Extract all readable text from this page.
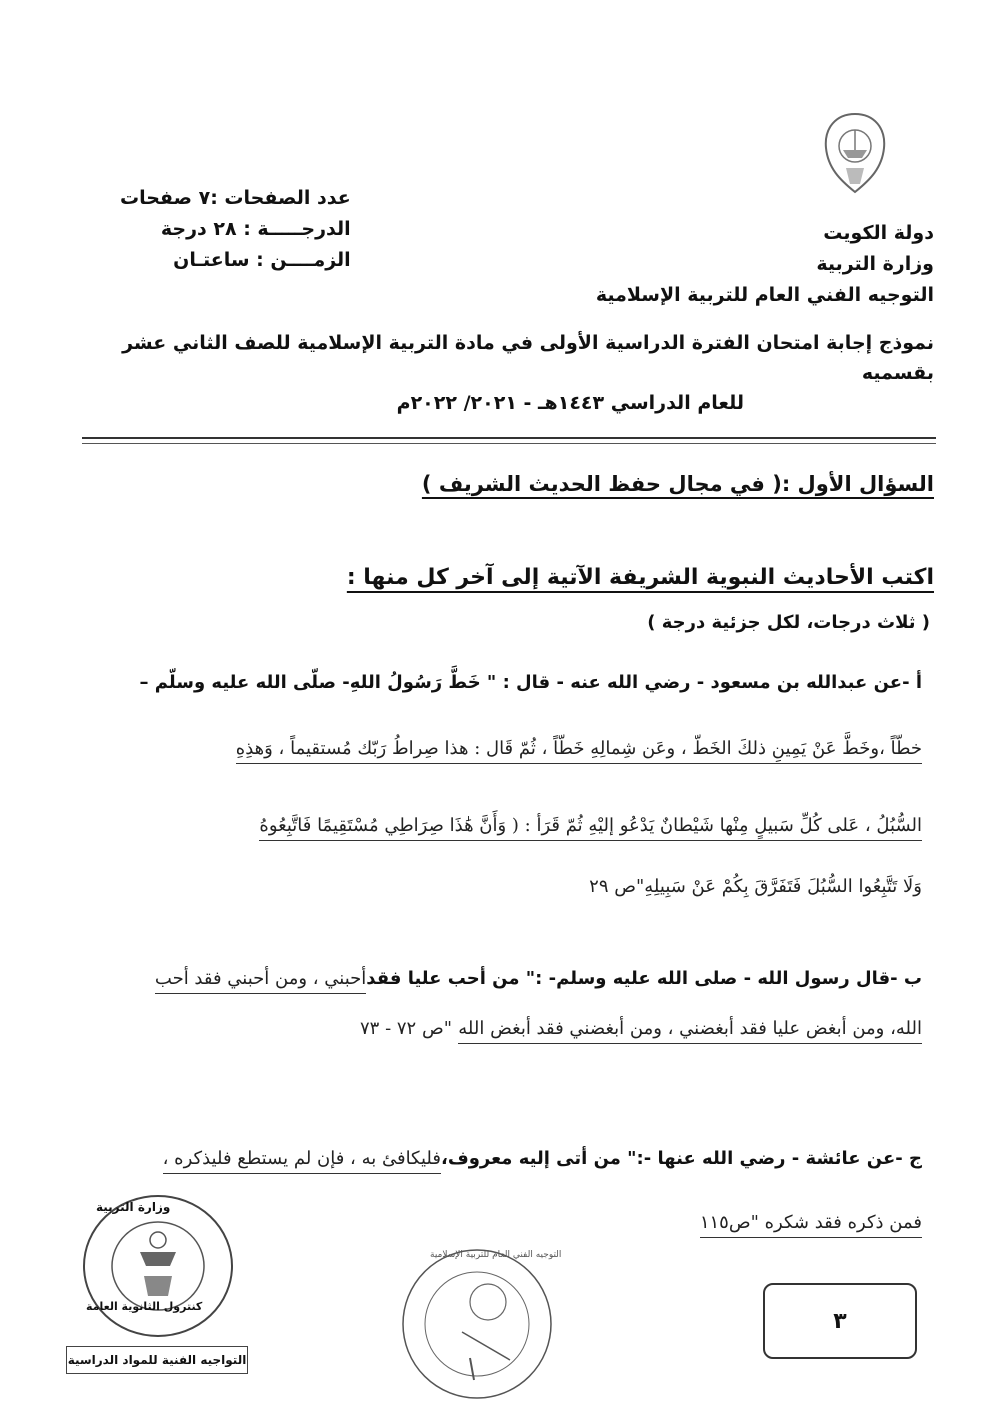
دولة الكويت
وزارة التربية
التوجيه الفني العام للتربية الإسلامية
عدد الصفحات :٧ صفحات
الدرجـــــة : ٢٨ درجة
الزمــــن : ساعتـان
نموذج إجابة امتحان الفترة الدراسية الأولى في مادة التربية الإسلامية للصف الثاني عشر بقسميه
للعام الدراسي ١٤٤٣هـ - ٢٠٢١/ ٢٠٢٢م
السؤال الأول :( في مجال حفظ الحديث الشريف )
اكتب الأحاديث النبوية الشريفة الآتية إلى آخر كل منها :
( ثلاث درجات، لكل جزئية درجة )
أ -عن عبدالله بن مسعود - رضي الله عنه - قال : " خَطَّ رَسُولُ اللهِ- صلّى الله عليه وسلّم –
خطّاً ،وخَطَّ عَنْ يَمِينِ ذلكَ الخَطّ ، وعَن شِمالِهِ خَطّاً ، ثُمّ قَال : هذا صِراطُ رَبّك مُستقيماً ، وَهذِهِ
السُّبُلُ ، عَلى كُلِّ سَبيلٍ مِنْها شَيْطانٌ يَدْعُو إليْهِ ثُمّ قَرَأ : ( وَأَنَّ هَٰذَا صِرَاطِي مُسْتَقِيمًا فَاتَّبِعُوهُ
وَلَا تَتَّبِعُوا السُّبُلَ فَتَفَرَّقَ بِكُمْ عَنْ سَبِيلِهِ"ص ٢٩
ب -قال رسول الله - صلى الله عليه وسلم- :" من أحب عليا فقدأحبني ، ومن أحبني فقد أحب
الله، ومن أبغض عليا فقد أبغضني ، ومن أبغضني فقد أبغض الله "ص ٧٢ - ٧٣
ج -عن عائشة - رضي الله عنها -:" من أتى إليه معروف،فليكافئ به ، فإن لم يستطع فليذكره ،
فمن ذكره فقد شكره "ص١١٥
٣
وزارة التربية
كنترول الثانوية العامة
التواجيه الفنية للمواد الدراسية
التوجيه الفني العام للتربية الإسلامية
